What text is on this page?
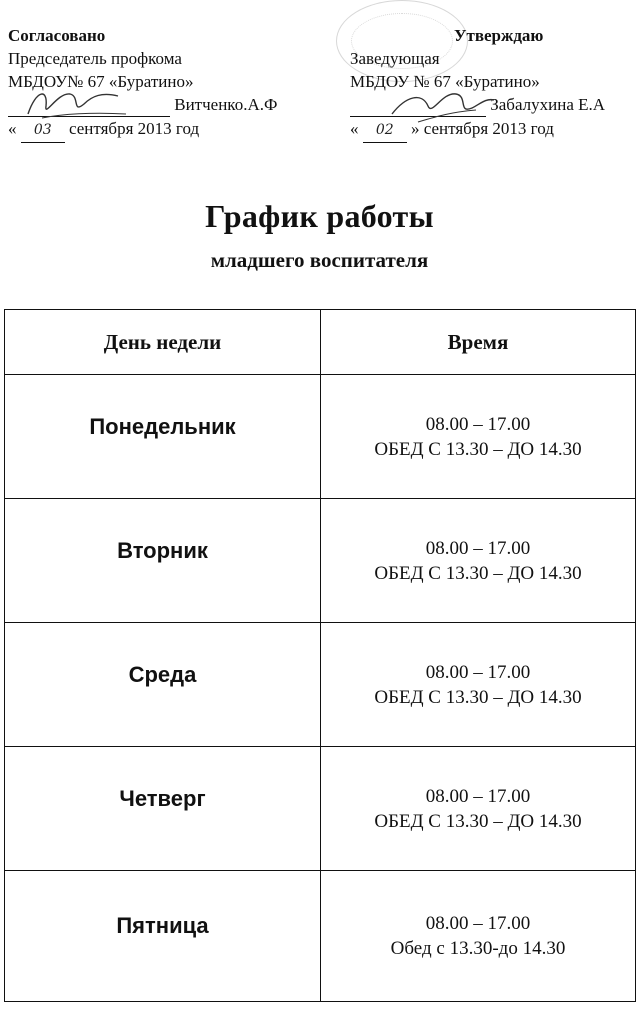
Согласовано
Председатель профкома
МБДОУ№ 67 «Буратино»
Витченко.А.Ф
« 03 сентября 2013 год
Утверждаю
Заведующая
МБДОУ № 67 «Буратино»
Забалухина Е.А
« 02 » сентября 2013 год
График работы
младшего воспитателя
День недели	Время
Понедельник	08.00 – 17.00
ОБЕД С 13.30 – ДО 14.30

Вторник	08.00 – 17.00
ОБЕД С 13.30 – ДО 14.30

Среда	08.00 – 17.00
ОБЕД С 13.30 – ДО 14.30

Четверг	08.00 – 17.00
ОБЕД С 13.30 – ДО 14.30

Пятница	08.00 – 17.00
Обед с 13.30-до 14.30
